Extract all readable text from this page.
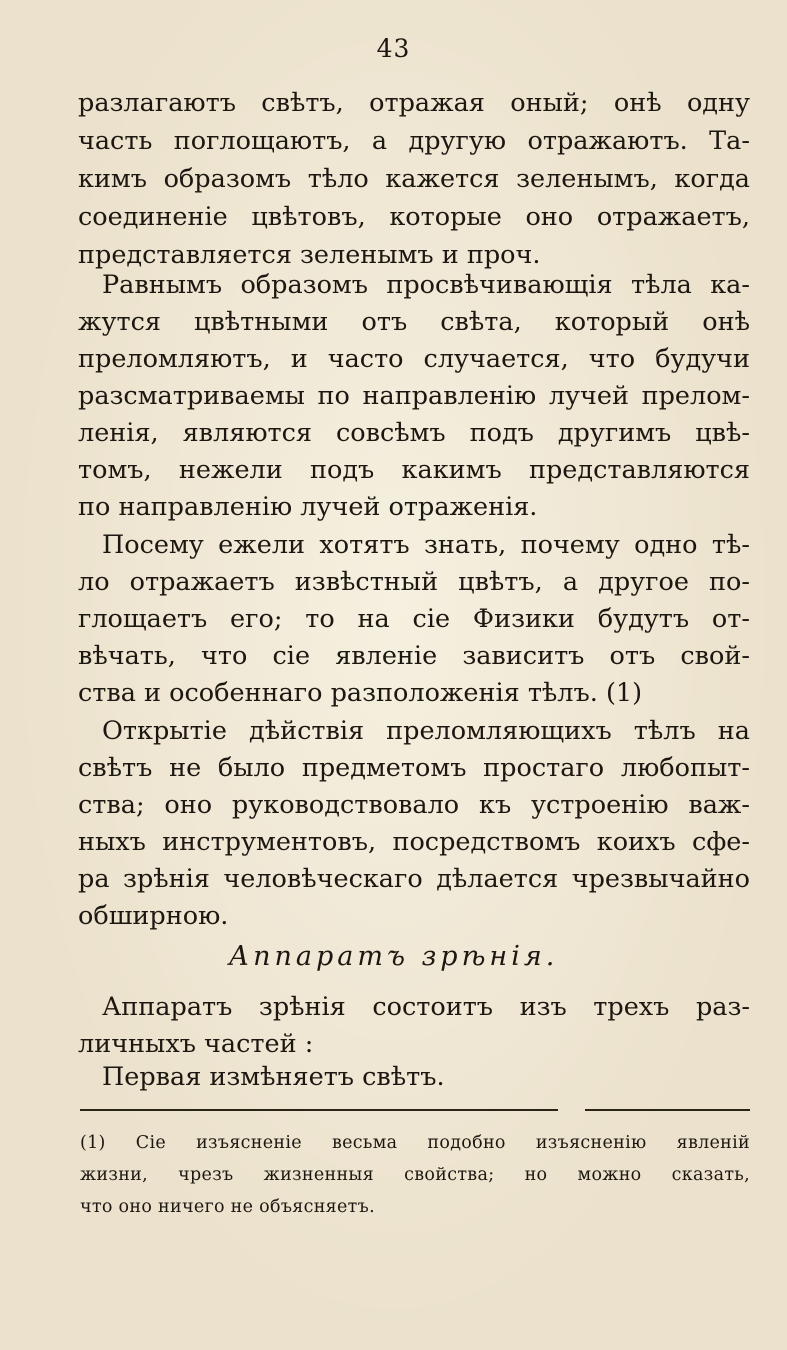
43
разлагаютъ свѣтъ, отражая оный; онѣ одну
часть поглощаютъ, а другую отражаютъ. Та-
кимъ образомъ тѣло кажется зеленымъ, когда
соединенiе цвѣтовъ, которые оно отражаетъ,
представляется зеленымъ и проч.
Равнымъ образомъ просвѣчивающiя тѣла ка-
жутся цвѣтными отъ свѣта, который онѣ
преломляютъ, и часто случается, что будучи
разсматриваемы по направленiю лучей прелом-
ленiя, являются совсѣмъ подъ другимъ цвѣ-
томъ, нежели подъ какимъ представляются
по направленiю лучей отраженiя.
Посему ежели хотятъ знать, почему одно тѣ-
ло отражаетъ извѣстный цвѣтъ, а другое по-
глощаетъ его; то на сiе Физики будутъ от-
вѣчать, что сiе явленiе зависитъ отъ свой-
ства и особеннаго разположенiя тѣлъ. (1)
Открытiе дѣйствiя преломляющихъ тѣлъ на
свѣтъ не было предметомъ простаго любопыт-
ства; оно руководствовало къ устроенiю важ-
ныхъ инструментовъ, посредствомъ коихъ сфе-
ра зрѣнiя человѣческаго дѣлается чрезвычайно
обширною.
Аппаратъ зрѣнiя.
Аппаратъ зрѣнiя состоитъ изъ трехъ раз-
личныхъ частей :
Первая измѣняетъ свѣтъ.
(1) Сiе изъясненiе весьма подобно изъясненiю явленiй
жизни, чрезъ жизненныя свойства; но можно сказать,
что оно ничего не объясняетъ.
